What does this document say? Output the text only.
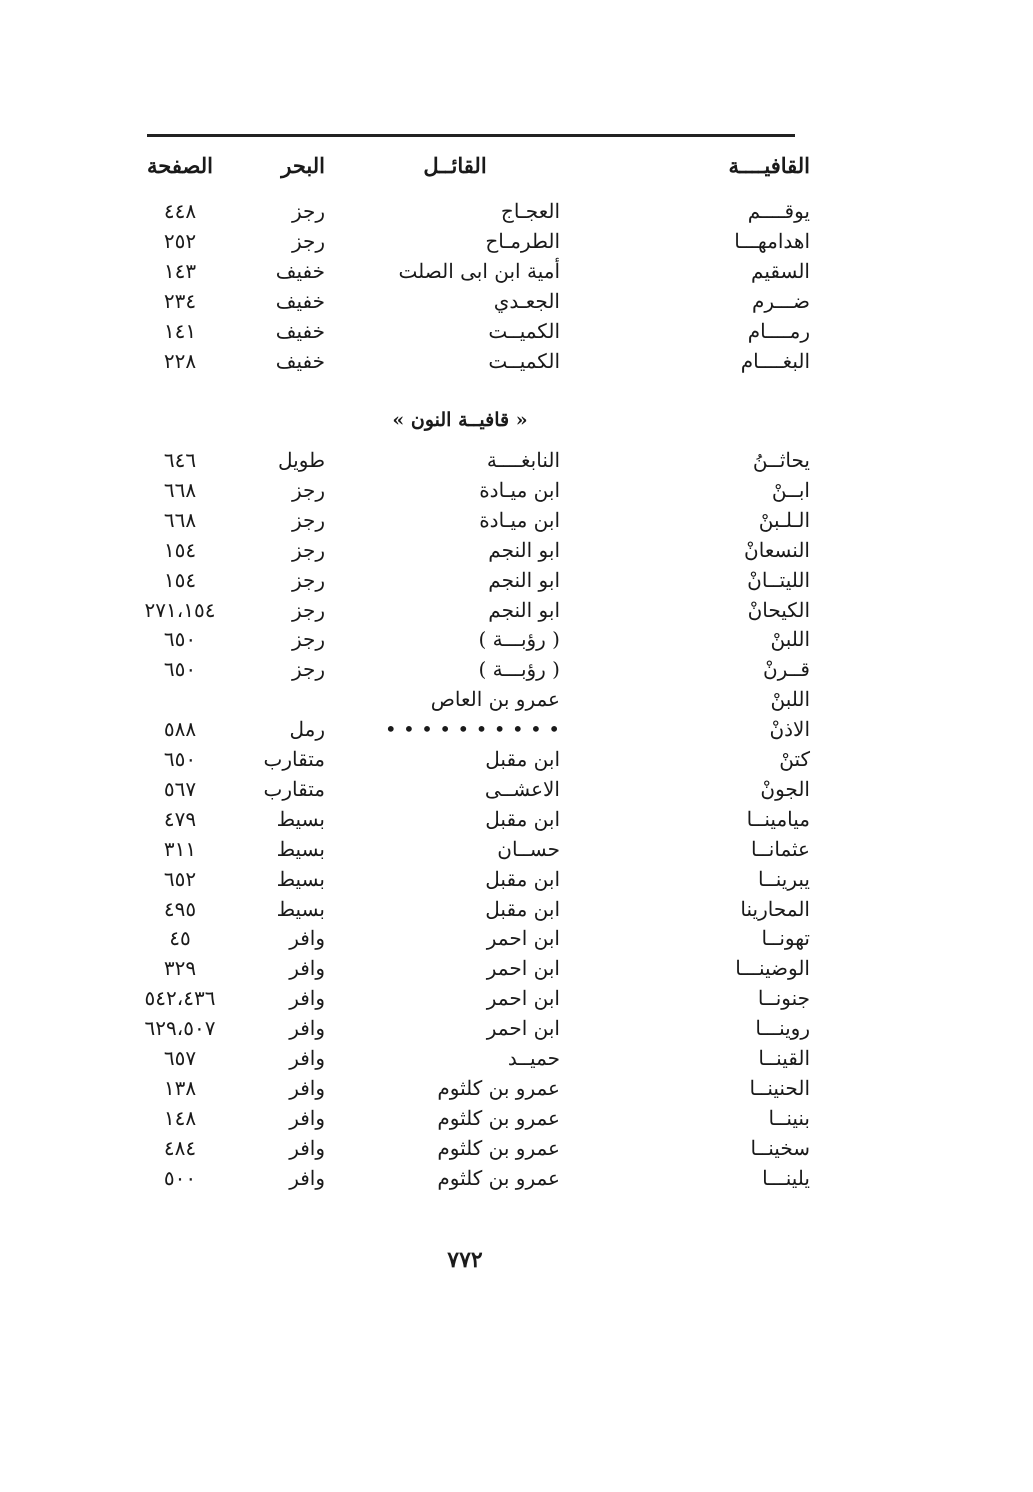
القافيــــة
القائــل
البحر
الصفحة
يوقــــم
العجـاج
رجز
٤٤٨
اهدامهـــا
الطرمـاح
رجز
٢٥٢
السقيم
أمية ابن ابى الصلت
خفيف
١٤٣
ضـــرم
الجعـدي
خفيف
٢٣٤
رمــــام
الكميــت
خفيف
١٤١
البغــــام
الكميــت
خفيف
٢٢٨
« قافيــة النون »
يحاثــنُ
النابغــــة
طويل
٦٤٦
ابــنْ
ابن ميـادة
رجز
٦٦٨
الـلـبنْ
ابن ميـادة
رجز
٦٦٨
النسعانْ
ابو النجم
رجز
١٥٤
الليتــانْ
ابو النجم
رجز
١٥٤
الكيحانْ
ابو النجم
رجز
٢٧١،١٥٤
اللبنْ
( رؤبـــة )
رجز
٦٥٠
قــرنْ
( رؤبـــة )
رجز
٦٥٠
اللبنْ
عمرو بن العاص
الاذنْ
• • • • • • • • • •
رمل
٥٨٨
كتنْ
ابن مقبل
متقارب
٦٥٠
الجونْ
الاعشــى
متقارب
٥٦٧
ميامينــا
ابن مقبل
بسيط
٤٧٩
عثمانــا
حســان
بسيط
٣١١
يبرينــا
ابن مقبل
بسيط
٦٥٢
المحارينا
ابن مقبل
بسيط
٤٩٥
تهونــا
ابن احمر
وافر
٤٥
الوضينـــا
ابن احمر
وافر
٣٢٩
جنونــا
ابن احمر
وافر
٥٤٢،٤٣٦
روينـــا
ابن احمر
وافر
٦٢٩،٥٠٧
القينــا
حميــد
وافر
٦٥٧
الحنينــا
عمرو بن كلثوم
وافر
١٣٨
بنينــا
عمرو بن كلثوم
وافر
١٤٨
سخينــا
عمرو بن كلثوم
وافر
٤٨٤
يلينـــا
عمرو بن كلثوم
وافر
٥٠٠
٧٧٢
